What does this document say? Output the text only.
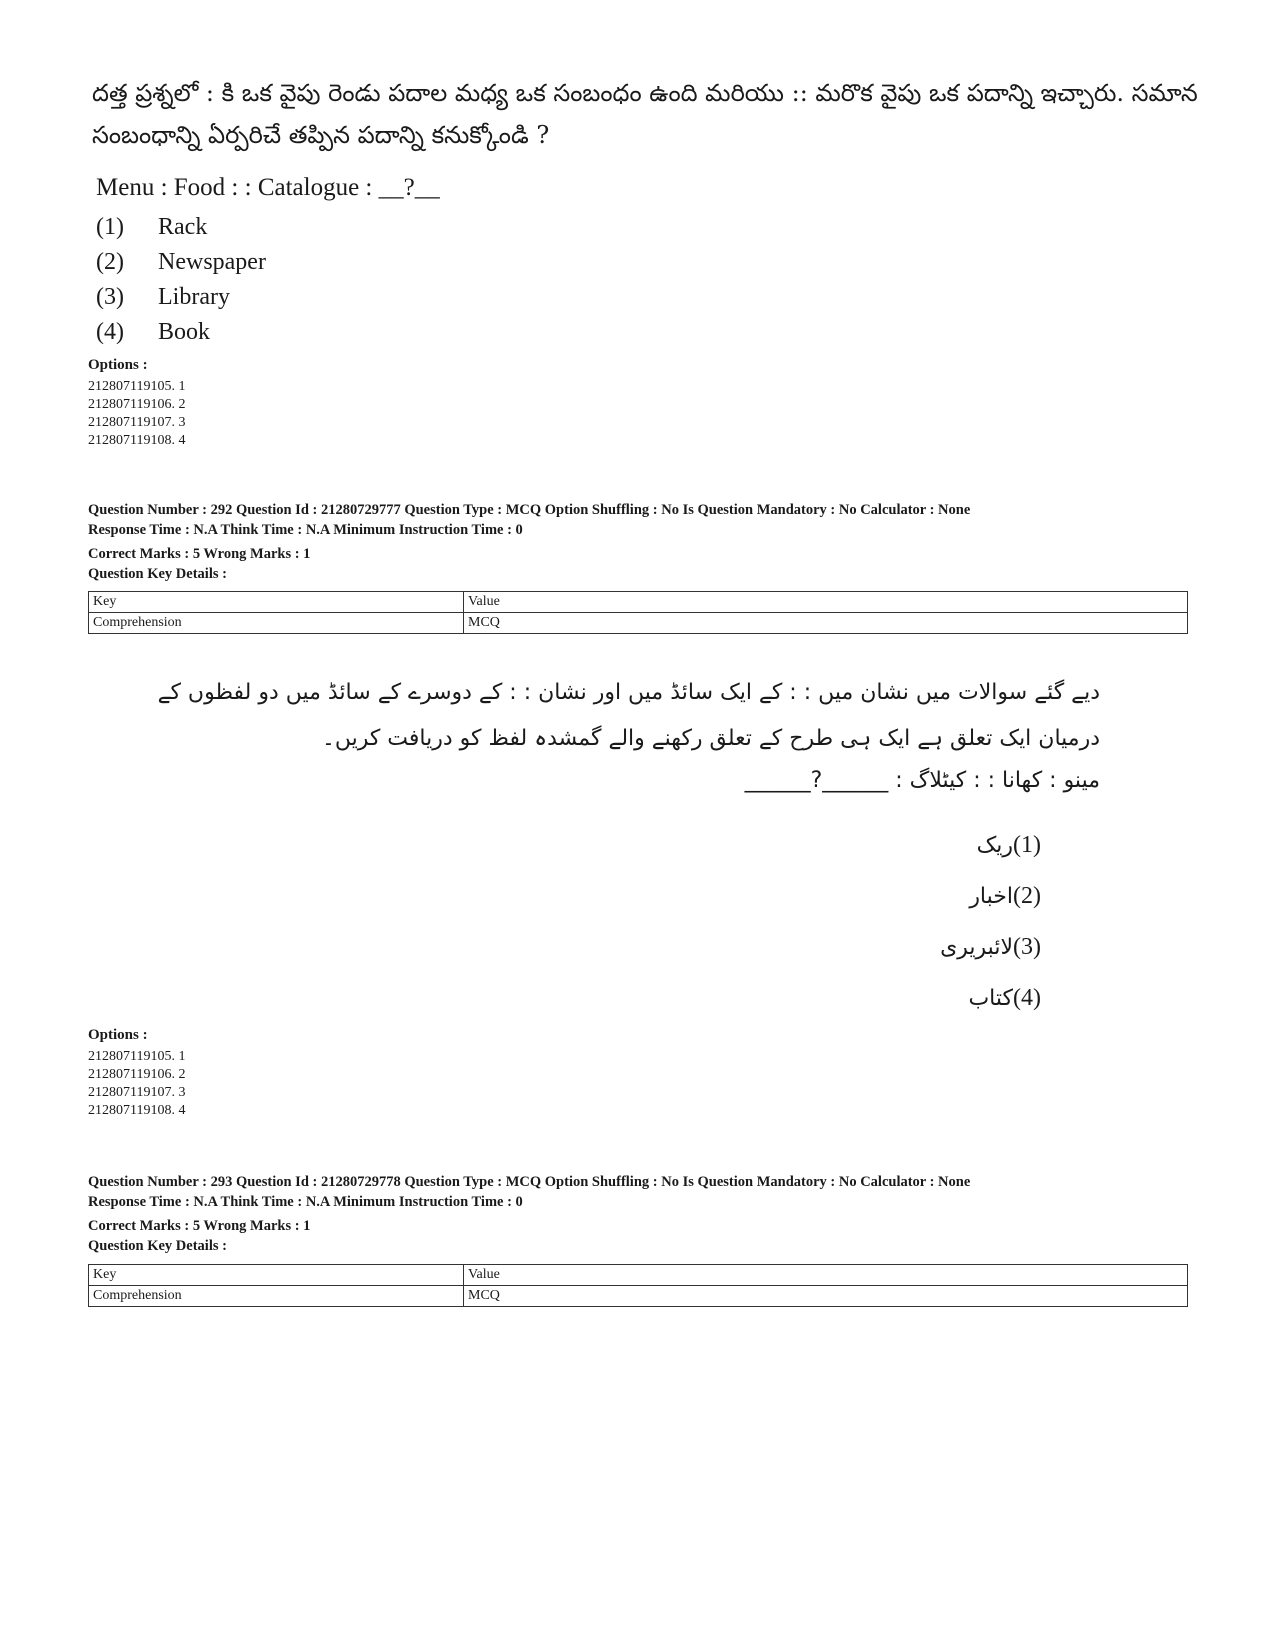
దత్త ప్రశ్నలో : కి ఒక వైపు రెండు పదాల మధ్య ఒక సంబంధం ఉంది మరియు :: మరొక వైపు ఒక పదాన్ని ఇచ్చారు. సమాన సంబంధాన్ని ఏర్పరిచే తప్పిన పదాన్ని కనుక్కోండి ?
Menu : Food : : Catalogue : __?__
(1)	Rack
(2)	Newspaper
(3)	Library
(4)	Book
Options :
212807119105. 1
212807119106. 2
212807119107. 3
212807119108. 4
Question Number : 292 Question Id : 21280729777 Question Type : MCQ Option Shuffling : No Is Question Mandatory : No Calculator : None
Response Time : N.A Think Time : N.A Minimum Instruction Time : 0
Correct Marks : 5 Wrong Marks : 1
Question Key Details :
Key	Value
Comprehension	MCQ
دیے گئے سوالات میں نشان میں : : کے ایک سائڈ میں اور نشان : : کے دوسرے کے سائڈ میں دو لفظوں کے درمیان ایک تعلق ہے ایک ہی طرح کے تعلق رکھنے والے گمشدہ لفظ کو دریافت کریں۔
مینو : کھانا : : کیٹلاگ : ______?______
(1)
ریک
(2)
اخبار
(3)
لائبریری
(4)
کتاب
Options :
212807119105. 1
212807119106. 2
212807119107. 3
212807119108. 4
Question Number : 293 Question Id : 21280729778 Question Type : MCQ Option Shuffling : No Is Question Mandatory : No Calculator : None
Response Time : N.A Think Time : N.A Minimum Instruction Time : 0
Correct Marks : 5 Wrong Marks : 1
Question Key Details :
Key	Value
Comprehension	MCQ
